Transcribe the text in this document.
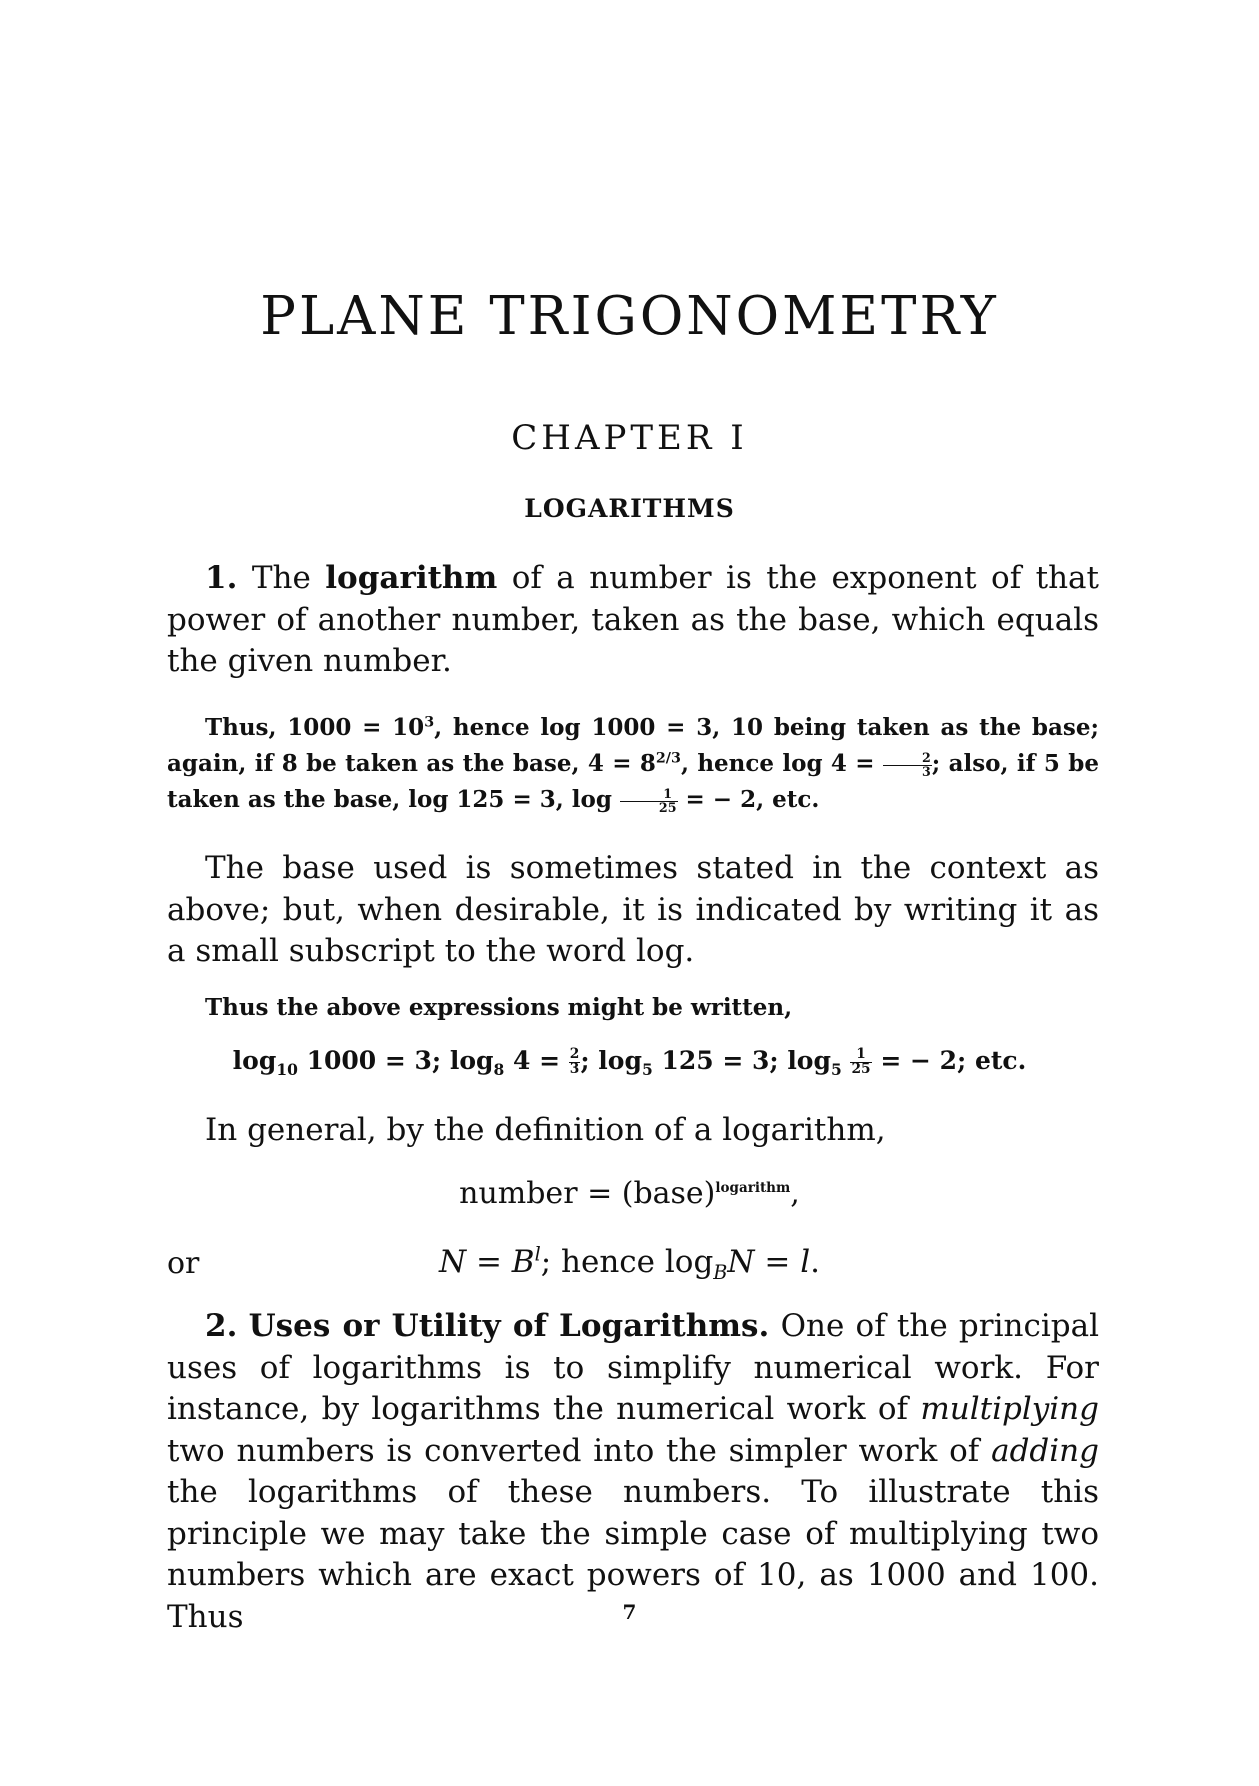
PLANE TRIGONOMETRY
CHAPTER I
LOGARITHMS
1. The logarithm of a number is the exponent of that power of another number, taken as the base, which equals the given number.
Thus, $1000 = 10^3$, hence log 1000 = 3, 10 being taken as the base; again, if 8 be taken as the base, $4 = 8^{2/3}$, hence $\log 4 = \frac{2}{3}$ ; also, if 5 be taken as the base, log 125 = 3, $\log \frac{1}{25}$ = − 2, etc.
The base used is sometimes stated in the context as above; but, when desirable, it is indicated by writing it as a small subscript to the word log.
Thus the above expressions might be written,
$\log_{10} 1000 = 3$; $\log_8 4 = \frac{2}{3}$ ; $\log_5 125 = 3$; $\log_5 \frac{1}{25}$ = − 2; etc.
In general, by the definition of a logarithm,
number = (base)$^{logarithm}$,
or	$N = B^l$; hence $\log_BN = l$.
2. Uses or Utility of Logarithms. One of the principal uses of logarithms is to simplify numerical work. For instance, by logarithms the numerical work of multiplying two numbers is converted into the simpler work of adding the logarithms of these numbers. To illustrate this principle we may take the simple case of multiplying two numbers which are exact powers of 10, as 1000 and 100. Thus	7
